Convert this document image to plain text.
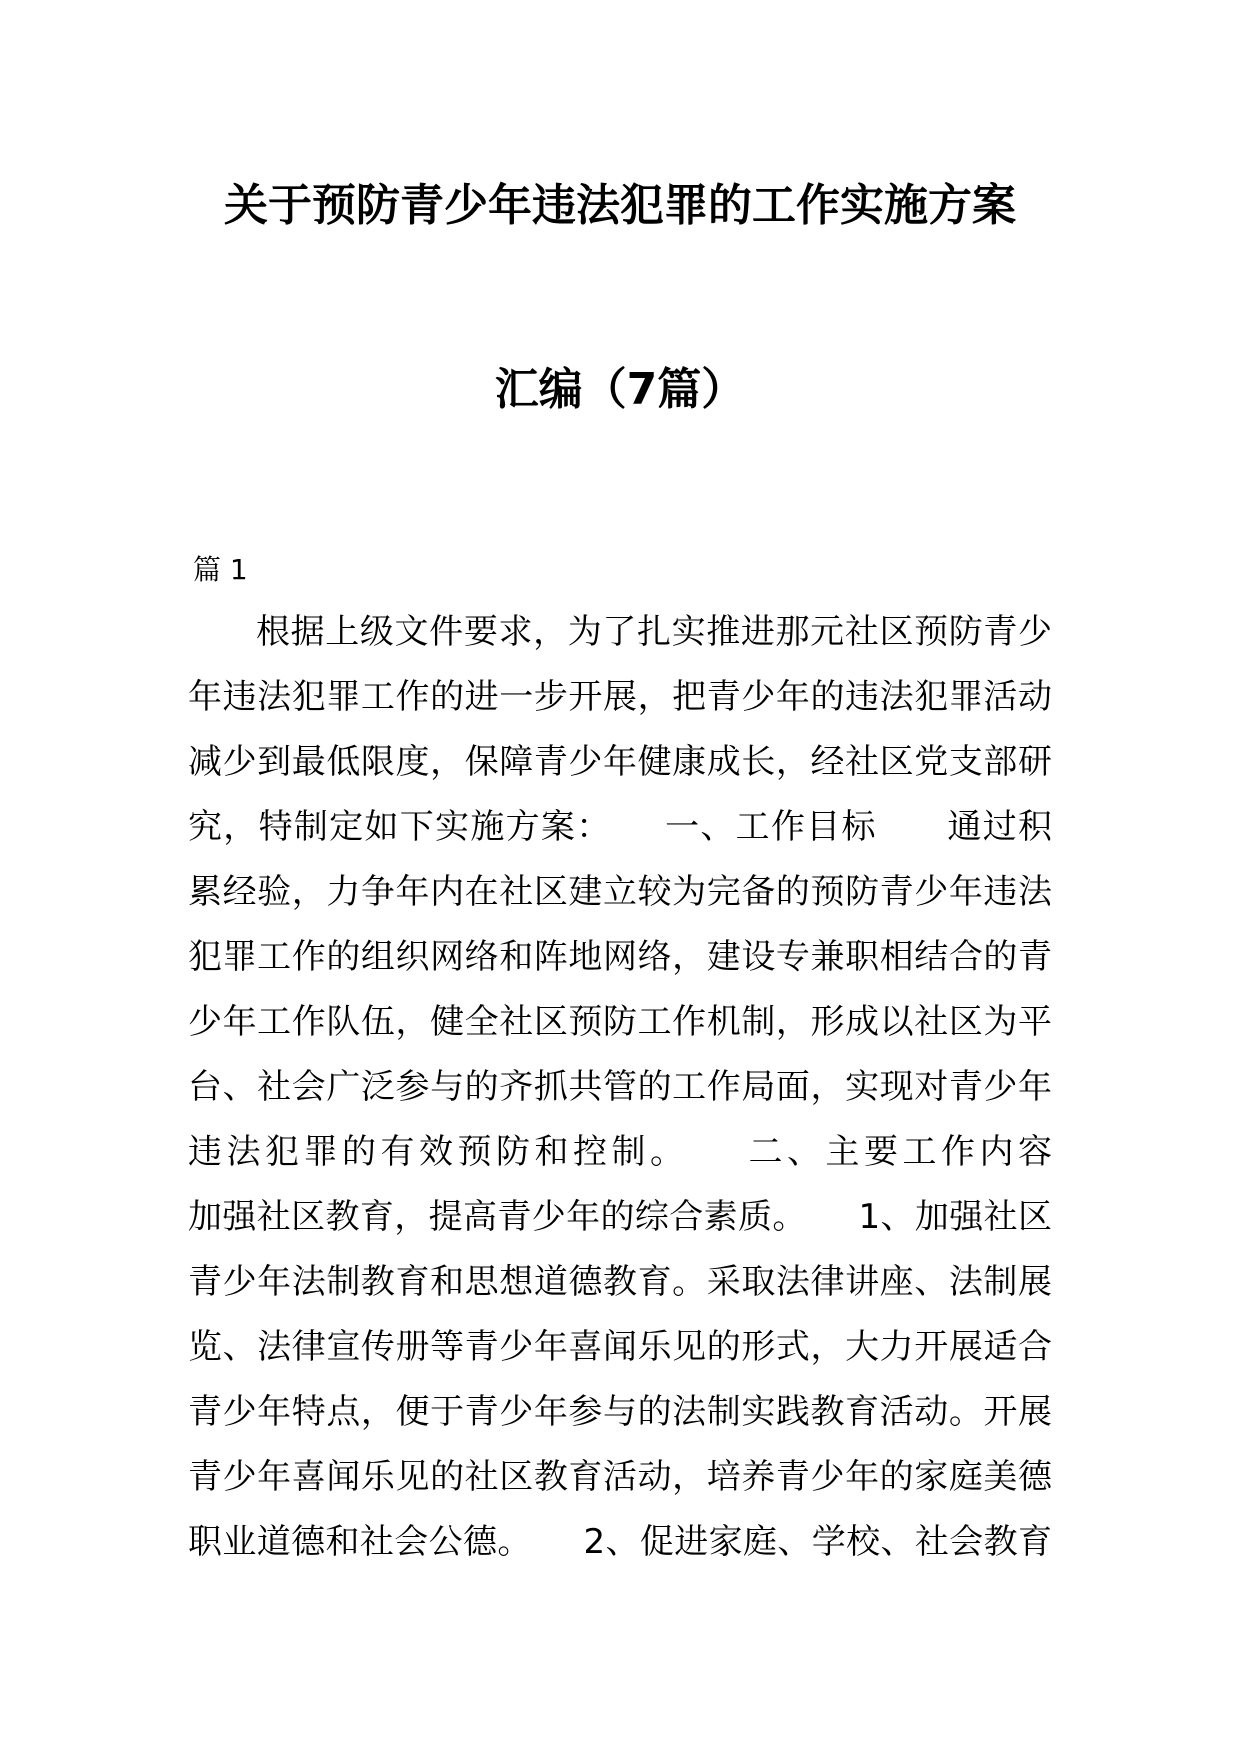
关于预防青少年违法犯罪的工作实施方案
汇编（7篇）
篇 1
根据上级文件要求，为了扎实推进那元社区预防青少
年违法犯罪工作的进一步开展，把青少年的违法犯罪活动
减少到最低限度，保障青少年健康成长，经社区党支部研
究，特制定如下实施方案：　　一、工作目标　　通过积
累经验，力争年内在社区建立较为完备的预防青少年违法
犯罪工作的组织网络和阵地网络，建设专兼职相结合的青
少年工作队伍，健全社区预防工作机制，形成以社区为平
台、社会广泛参与的齐抓共管的工作局面，实现对青少年
违法犯罪的有效预防和控制。　　二、主要工作内容
加强社区教育，提高青少年的综合素质。　　1、加强社区
青少年法制教育和思想道德教育。采取法律讲座、法制展
览、法律宣传册等青少年喜闻乐见的形式，大力开展适合
青少年特点，便于青少年参与的法制实践教育活动。开展
青少年喜闻乐见的社区教育活动，培养青少年的家庭美德
职业道德和社会公德。　　2、促进家庭、学校、社会教育
